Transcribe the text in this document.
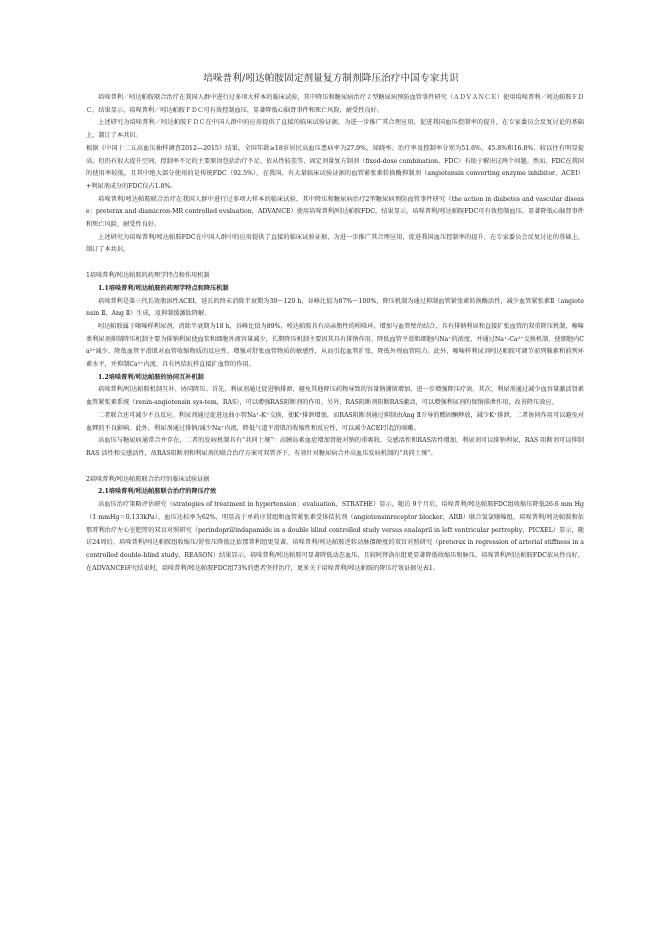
培哚普利/吲达帕胺固定剂量复方制剂降压治疗中国专家共识

培哚普利／吲达帕胺联合治疗在我国人群中进行过多项大样本的临床试验，其中降压和糖尿病治疗２型糖尿病预防血管事件研究（ＡＤＶＡＮＣＥ）使用培哚普利／吲达帕胺ＦＤＣ，结果显示，培哚普利／吲达帕胺ＦＤＣ可有效控制血压，显著降低心脑肾事件和死亡风险，耐受性良好。

上述研究为培哚普利／吲达帕胺ＦＤＣ在中国人群中的应用提供了直接的临床试验证据，为进一步推广其合理应用，促进我国血压控制率的提升，在专家委员会反复讨论的基础上，制订了本共识。

根据《中国十二五高血压抽样调查2012—2015》结果，全国年龄≥18岁居民高血压患病率为27.9%，知晓率、治疗率及控制率分别为51.6%、45.8%和16.8%，较以往有明显提高，但仍有很大提升空间，控制率不足的主要原因包括治疗不足、依从性较差等，固定剂量复方制剂（fixed-dose combination，FDC）有助于解决这两个问题。然而，FDC在我国的使用率较低，且其中绝大部分使用的是传统FDC（92.5%）。在我国，有大量临床试验证据的血管紧张素转换酶抑制剂（angiotensin converting enzyme inhibitor，ACEI）+利尿剂成分的FDC仅占1.8%。

培哚普利/吲达帕胺联合治疗在我国人群中进行过多项大样本的临床试验，其中降压和糖尿病治疗2型糖尿病预防血管事件研究（the action in diabetes and vascular disease：preterax and diamicron-MR controlled evaluation，ADVANCE）使用培哚普利/吲达帕胺FDC，结果显示，培哚普利/吲达帕胺FDC可有效控制血压，显著降低心脑肾事件和死亡风险，耐受性良好。

上述研究为培哚普利/吲达帕胺FDC在中国人群中的应用提供了直接的临床试验证据，为进一步推广其合理应用，促进我国血压控制率的提升，在专家委员会反复讨论的基础上，制订了本共识。

1培哚普利/吲达帕胺的药理学特点和作用机制
1.1培哚普利/吲达帕胺的药理学特点和降压机制

培哚普利是第三代长效脂溶性ACEI，延长的终末消除半衰期为30～120 h，谷峰比值为87%～100%，降压机制为通过抑制血管紧张素转换酶活性，减少血管紧张素Ⅱ（angiotensin Ⅱ，Ang Ⅱ）生成，及抑制缓激肽降解。

吲达帕胺属于噻嗪样利尿剂，消除半衰期为18 h，谷峰比值为89%，吲达帕胺具有高亲脂性的吲哚环，增加与血管壁的结合，具有排钠利尿和直接扩张血管的双重降压机制，噻嗪类利尿剂抑制降压机制主要为排钠利尿使血浆和细胞外液容量减少，长期降压机制主要因其具有排钠作用，降低血管平滑肌细胞内Na⁺的浓度，并通过Na⁺-Ca²⁺交换机制，使细胞内Ca²⁺减少，降低血管平滑肌对血管收缩物质的反应性，增强对舒张血管物质的敏感性，从而引起血管扩张，降低外周血管阻力。此外，噻嗪样利尿剂吲达帕胺可调节前列腺素和前列环素水平，并抑制Ca²⁺内流，具有钙拮抗样直接扩血管的作用。

1.2培哚普利/吲达帕胺的协同互补机制

培哚普利/吲达帕胺机制互补、协同降压。首先，利尿剂通过促进钠排泄，避免其他降压药物导致的容量钠潴留增加，进一步增强降压疗效。其次，利尿剂通过减少血容量激活肾素血管紧张素系统（renin-angiotensin sys-tem，RAS），可以增强RAS阻断剂的作用。另外，RAS阻断剂阻断RAS激活，可以增强利尿剂的保钠排泄作用，改善降压效应。

二者联合还可减少不良反应。利尿剂通过促进远曲小管Na⁺-K⁺交换，使K⁺排泄增加，而RAS阻断剂通过抑制由Ang Ⅱ介导的醛固酮释放，减少K⁺排泄，二者协同作用可以避免对血钾的不良影响。此外，利尿剂通过排钠/减少Na⁺内流，降低气道平滑肌的收缩性和反应性，可以减少ACEI引起的咳嗽。

高血压与糖尿病通常合并存在，二者的发病机制具有“共同土壤”：高胰岛素血症增加肾脏对钠的重吸收，交感活性和RAS活性增加，利尿剂可以排钠利尿，RAS 阻断剂可以抑制 RAS 活性和交感活性，故RAS阻断剂和利尿剂的联合治疗方案可双管齐下，有效针对糖尿病合并高血压发病机制的“共同土壤”。

2培哚普利/吲达帕胺联合治疗的临床试验证据
2.1培哚普利/吲达帕胺联合治疗的降压疗效

高血压治疗策略评估研究（strategies of treatment in hypertension：evaluation，STRATHE）显示，随访 9个月后，培哚普利/吲达帕胺FDC组收缩压降低26.6 mm Hg（1 mmHg＝0.133kPa），血压达标率为62%，明显高于单药序贯组和血管紧张素受体拮抗剂（angiotensinreceptor blocker，ARB）联合氢氯噻嗪组。培哚普利/吲达帕胺和依那普利治疗左心室肥厚的双盲对照研究（perindopril/indapamide in a double blind controlled study versus enalapril in left ventricular pertrophy，PICXEL）显示，随访24周后，培哚普利/吲达帕胺组收缩压/舒张压降低比依那普利组更显著。培哚普利/吲达帕胺逆转动脉僵硬度的双盲对照研究（preterax in regression of arterial stiffness in a controlled double-blind study，REASON）结果显示，培哚普利/吲达帕胺可显著降低动态血压，且较阿替洛尔组更显著降低收缩压和脉压。培哚普利/吲达帕胺FDC依从性良好，在ADVANCE研究结束时，培哚普利/吲达帕胺FDC组73%的患者坚持治疗，更多关于培哚普利/吲达帕胺的降压疗效证据见表1。
